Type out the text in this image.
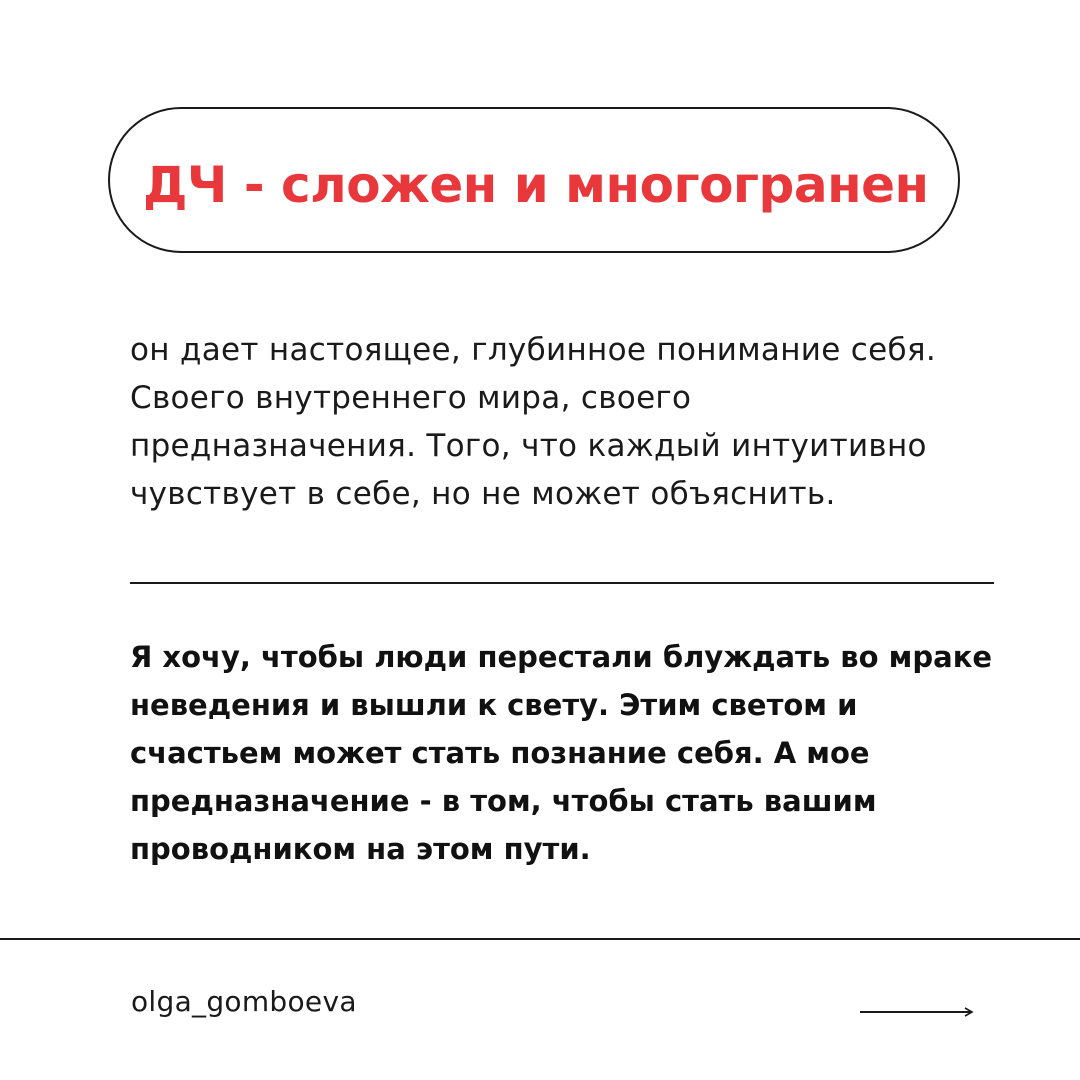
ДЧ - сложен и многогранен
он дает настоящее, глубинное понимание себя.
Своего внутреннего мира, своего
предназначения. Того, что каждый интуитивно
чувствует в себе, но не может объяснить.
Я хочу, чтобы люди перестали блуждать во мраке
неведения и вышли к свету. Этим светом и
счастьем может стать познание себя. А мое
предназначение - в том, чтобы стать вашим
проводником на этом пути.

olga_gomboeva
